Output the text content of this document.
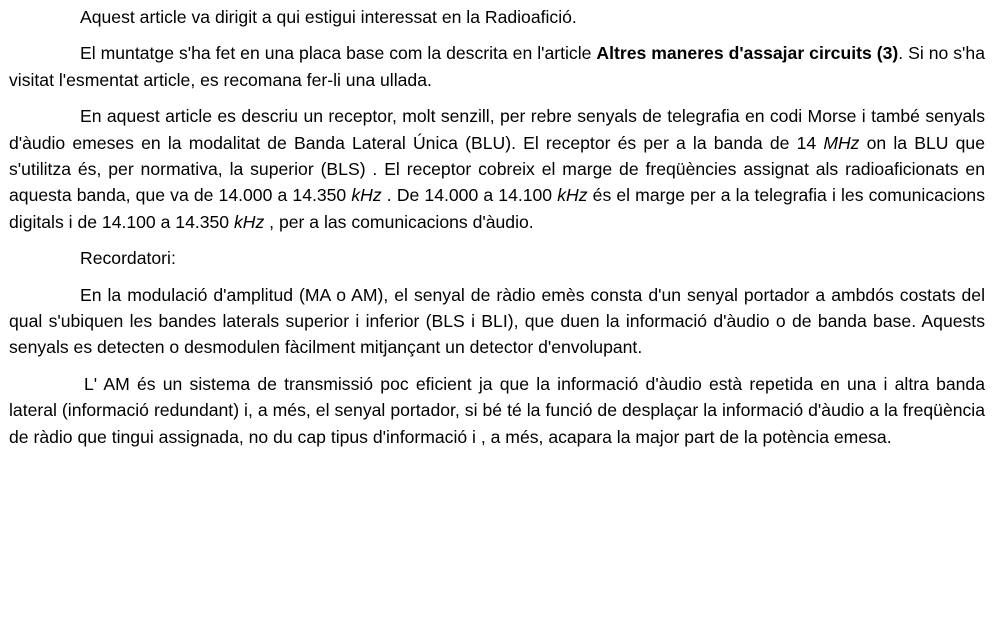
Aquest article va dirigit a qui estigui interessat en la Radioafició.

El muntatge s'ha fet en una placa base com la descrita en l'article Altres maneres d'assajar circuits (3). Si no s'ha visitat l'esmentat article, es recomana fer-li una ullada.

En aquest article es descriu un receptor, molt senzill, per rebre senyals de telegrafia en codi Morse i també senyals d'àudio emeses en la modalitat de Banda Lateral Única (BLU). El receptor és per a la banda de 14 MHz on la BLU que s'utilitza és, per normativa, la superior (BLS) . El receptor cobreix el marge de freqüències assignat als radioaficionats en aquesta banda, que va de 14.000 a 14.350 kHz . De 14.000 a 14.100 kHz és el marge per a la telegrafia i les comunicacions digitals i de 14.100 a 14.350 kHz , per a las comunicacions d'àudio.

Recordatori:

En la modulació d'amplitud (MA o AM), el senyal de ràdio emès consta d'un senyal portador a ambdós costats del qual s'ubiquen les bandes laterals superior i inferior (BLS i BLI), que duen la informació d'àudio o de banda base. Aquests senyals es detecten o desmodulen fàcilment mitjançant un detector d'envolupant.

L' AM és un sistema de transmissió poc eficient ja que la informació d'àudio està repetida en una i altra banda lateral (informació redundant) i, a més, el senyal portador, si bé té la funció de desplaçar la informació d'àudio a la freqüència de ràdio que tingui assignada, no du cap tipus d'informació i , a més, acapara la major part de la potència emesa.
